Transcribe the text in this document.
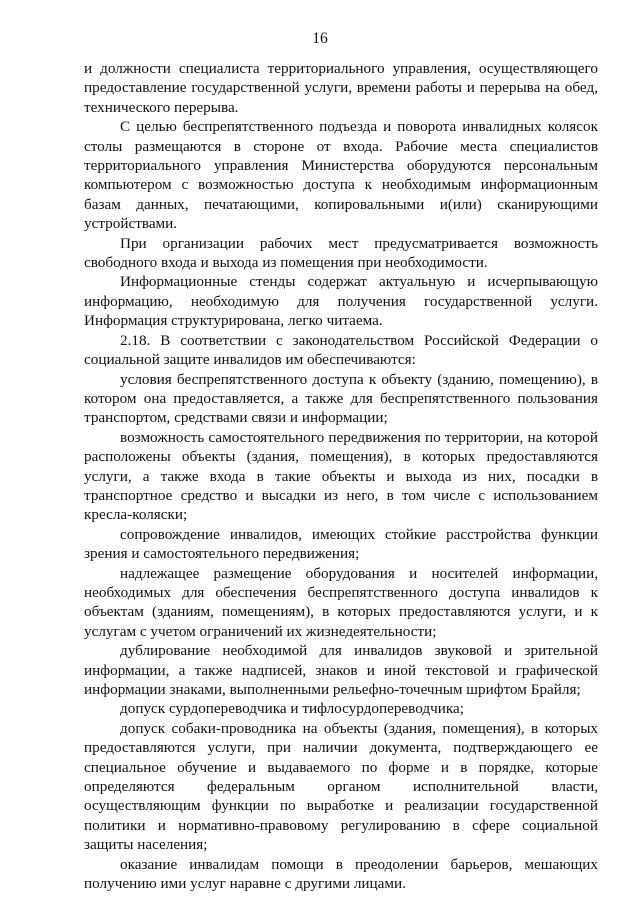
16

и должности специалиста территориального управления, осуществляющего предоставление государственной услуги, времени работы и перерыва на обед, технического перерыва.

С целью беспрепятственного подъезда и поворота инвалидных колясок столы размещаются в стороне от входа. Рабочие места специалистов территориального управления Министерства оборудуются персональным компьютером с возможностью доступа к необходимым информационным базам данных, печатающими, копировальными и(или) сканирующими устройствами.

При организации рабочих мест предусматривается возможность свободного входа и выхода из помещения при необходимости.

Информационные стенды содержат актуальную и исчерпывающую информацию, необходимую для получения государственной услуги. Информация структурирована, легко читаема.

2.18. В соответствии с законодательством Российской Федерации о социальной защите инвалидов им обеспечиваются:

условия беспрепятственного доступа к объекту (зданию, помещению), в котором она предоставляется, а также для беспрепятственного пользования транспортом, средствами связи и информации;

возможность самостоятельного передвижения по территории, на которой расположены объекты (здания, помещения), в которых предоставляются услуги, а также входа в такие объекты и выхода из них, посадки в транспортное средство и высадки из него, в том числе с использованием кресла-коляски;

сопровождение инвалидов, имеющих стойкие расстройства функции зрения и самостоятельного передвижения;

надлежащее размещение оборудования и носителей информации, необходимых для обеспечения беспрепятственного доступа инвалидов к объектам (зданиям, помещениям), в которых предоставляются услуги, и к услугам с учетом ограничений их жизнедеятельности;

дублирование необходимой для инвалидов звуковой и зрительной информации, а также надписей, знаков и иной текстовой и графической информации знаками, выполненными рельефно-точечным шрифтом Брайля;

допуск сурдопереводчика и тифлосурдопереводчика;

допуск собаки-проводника на объекты (здания, помещения), в которых предоставляются услуги, при наличии документа, подтверждающего ее специальное обучение и выдаваемого по форме и в порядке, которые определяются федеральным органом исполнительной власти, осуществляющим функции по выработке и реализации государственной политики и нормативно-правовому регулированию в сфере социальной защиты населения;

оказание инвалидам помощи в преодолении барьеров, мешающих получению ими услуг наравне с другими лицами.
